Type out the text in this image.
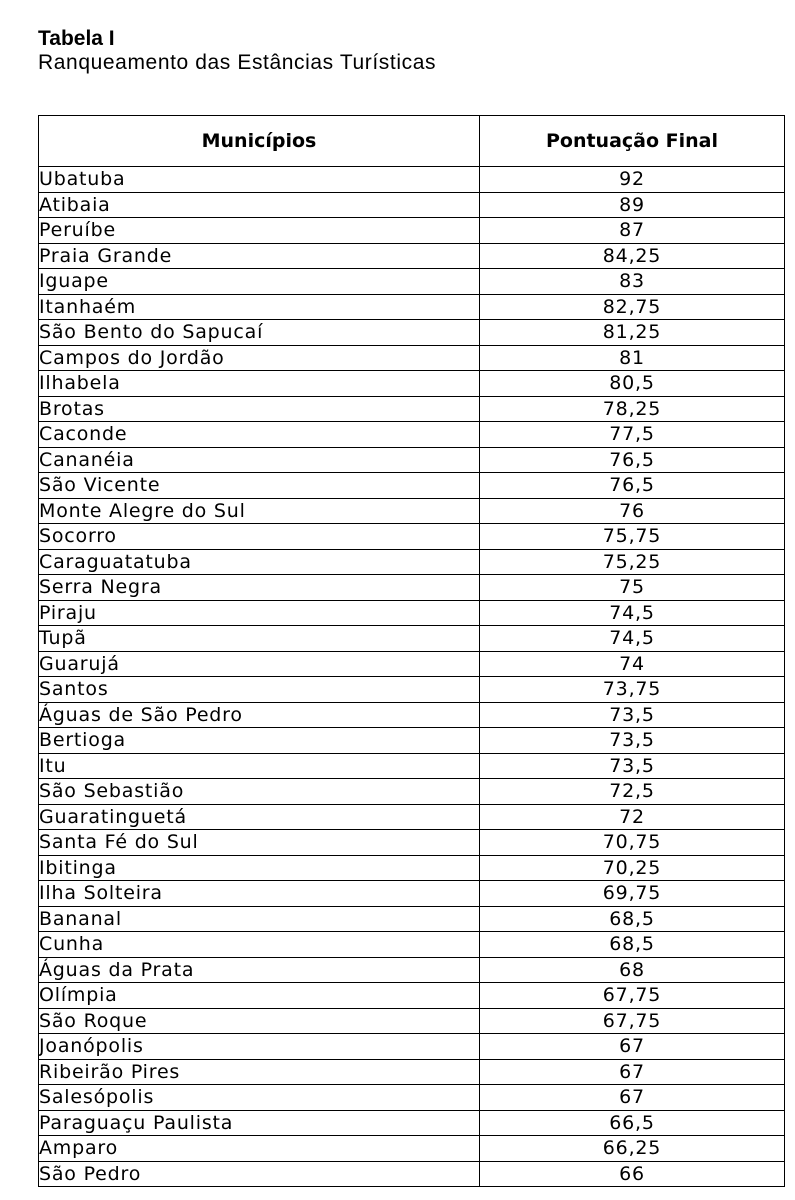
Tabela I
Ranqueamento das Estâncias Turísticas
Municípios	Pontuação Final
Ubatuba	92
Atibaia	89
Peruíbe	87
Praia Grande	84,25
Iguape	83
Itanhaém	82,75
São Bento do Sapucaí	81,25
Campos do Jordão	81
Ilhabela	80,5
Brotas	78,25
Caconde	77,5
Cananéia	76,5
São Vicente	76,5
Monte Alegre do Sul	76
Socorro	75,75
Caraguatatuba	75,25
Serra Negra	75
Piraju	74,5
Tupã	74,5
Guarujá	74
Santos	73,75
Águas de São Pedro	73,5
Bertioga	73,5
Itu	73,5
São Sebastião	72,5
Guaratinguetá	72
Santa Fé do Sul	70,75
Ibitinga	70,25
Ilha Solteira	69,75
Bananal	68,5
Cunha	68,5
Águas da Prata	68
Olímpia	67,75
São Roque	67,75
Joanópolis	67
Ribeirão Pires	67
Salesópolis	67
Paraguaçu Paulista	66,5
Amparo	66,25
São Pedro	66
